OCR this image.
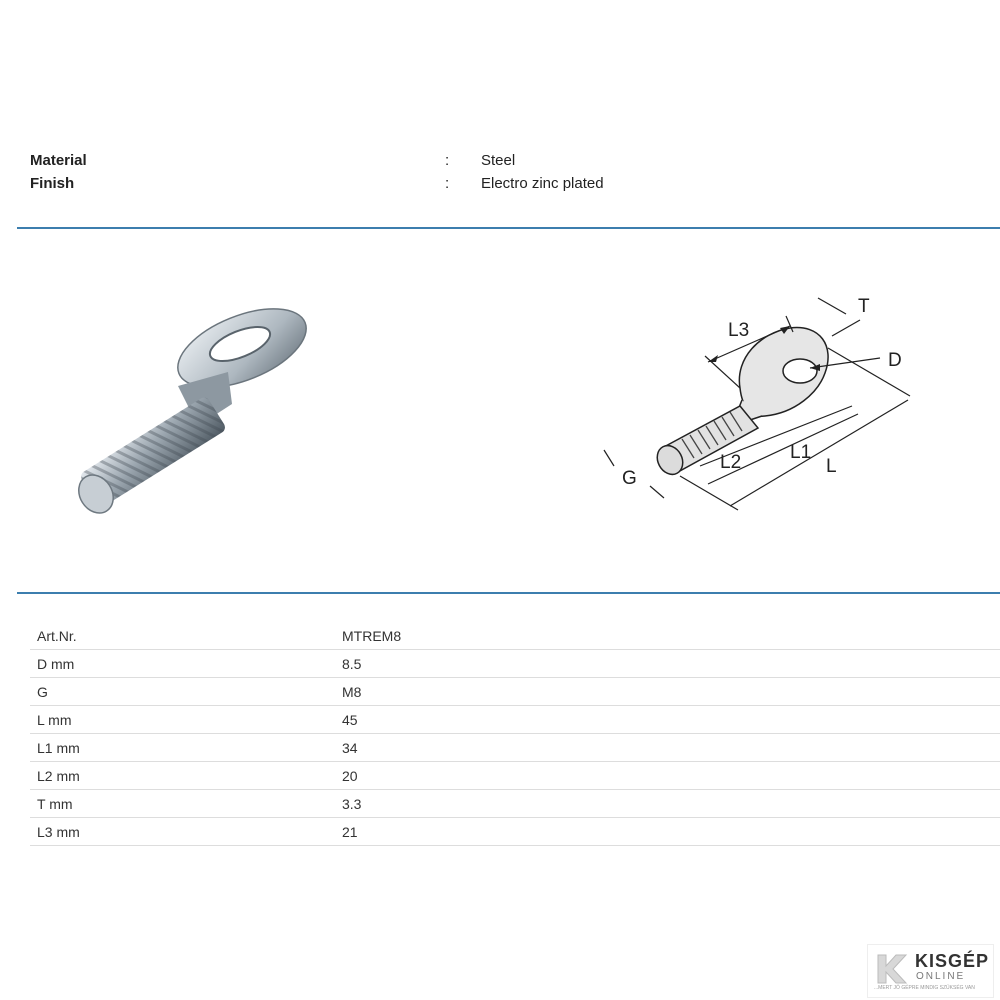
Material	: Steel
Finish	: Electro zinc plated
T
L3
D
G
L2	L1
L
Art.Nr.	MTREM8
D mm	8.5
G	M8
L mm	45
L1 mm	34
L2 mm	20
T mm	3.3
L3 mm	21
KISGÉP
ONLINE
...MERT JÓ GÉPRE MINDIG SZÜKSÉG VAN
